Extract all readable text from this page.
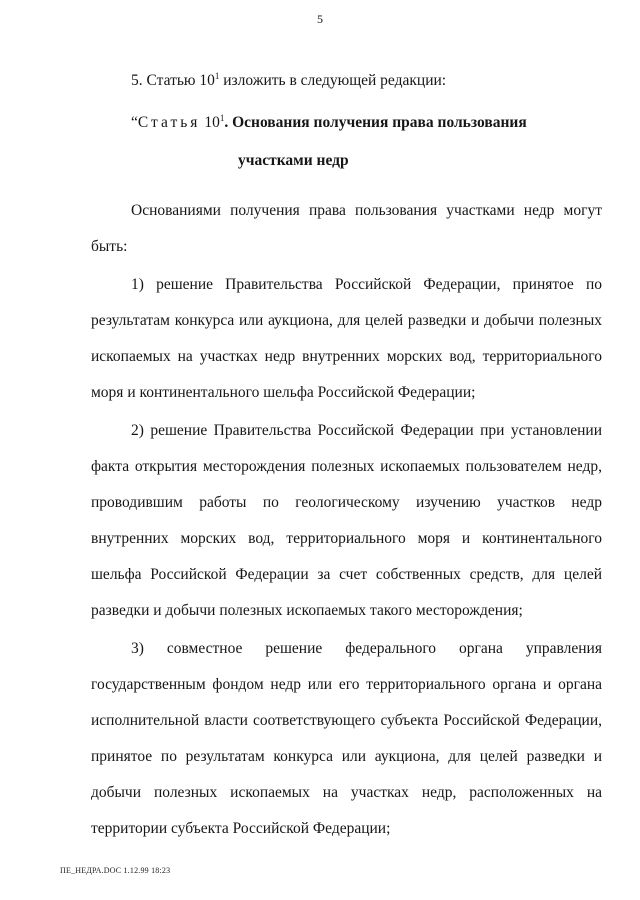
5

5. Статью $10^1$ изложить в следующей редакции:

“Статья $10^1$. Основания получения права пользования

участками недр

Основаниями получения права пользования участками недр могут быть:

1) решение Правительства Российской Федерации, принятое по результатам конкурса или аукциона, для целей разведки и добычи полезных ископаемых на участках недр внутренних морских вод, территориального моря и континентального шельфа Российской Федерации;

2) решение Правительства Российской Федерации при установлении факта открытия месторождения полезных ископаемых пользователем недр, проводившим работы по геологическому изучению участков недр внутренних морских вод, территориального моря и континентального шельфа Российской Федерации за счет собственных средств, для целей разведки и добычи полезных ископаемых такого месторождения;

3) совместное решение федерального органа управления государственным фондом недр или его территориального органа и органа исполнительной власти соответствующего субъекта Российской Федерации, принятое по результатам конкурса или аукциона, для целей разведки и добычи полезных ископаемых на участках недр, расположенных на территории субъекта Российской Федерации;

ПЕ_НЕДРА.DOC 1.12.99 18:23
